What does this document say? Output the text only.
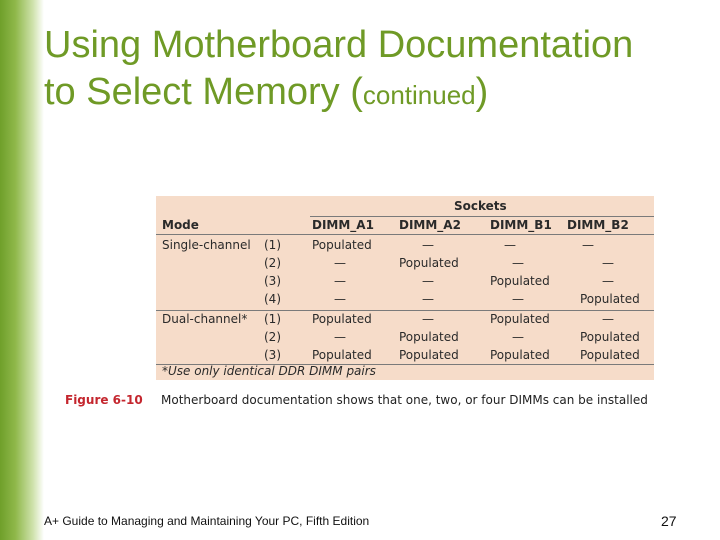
Using Motherboard Documentation
to Select Memory (continued)
Sockets
Mode	DIMM_A1 DIMM_A2 DIMM_B1 DIMM_B2
Single-channel (1)	Populated	—	—	—
(2)	—	Populated	—	—
(3)	—	—	Populated	—
(4)	—	—	—	Populated
Dual-channel* (1)	Populated	—	Populated	—
(2)	—	Populated	—	Populated
(3)	Populated Populated	Populated	Populated
*Use only identical DDR DIMM pairs
Figure 6-10 Motherboard documentation shows that one, two, or four DIMMs can be installed
A+ Guide to Managing and Maintaining Your PC, Fifth Edition	27
